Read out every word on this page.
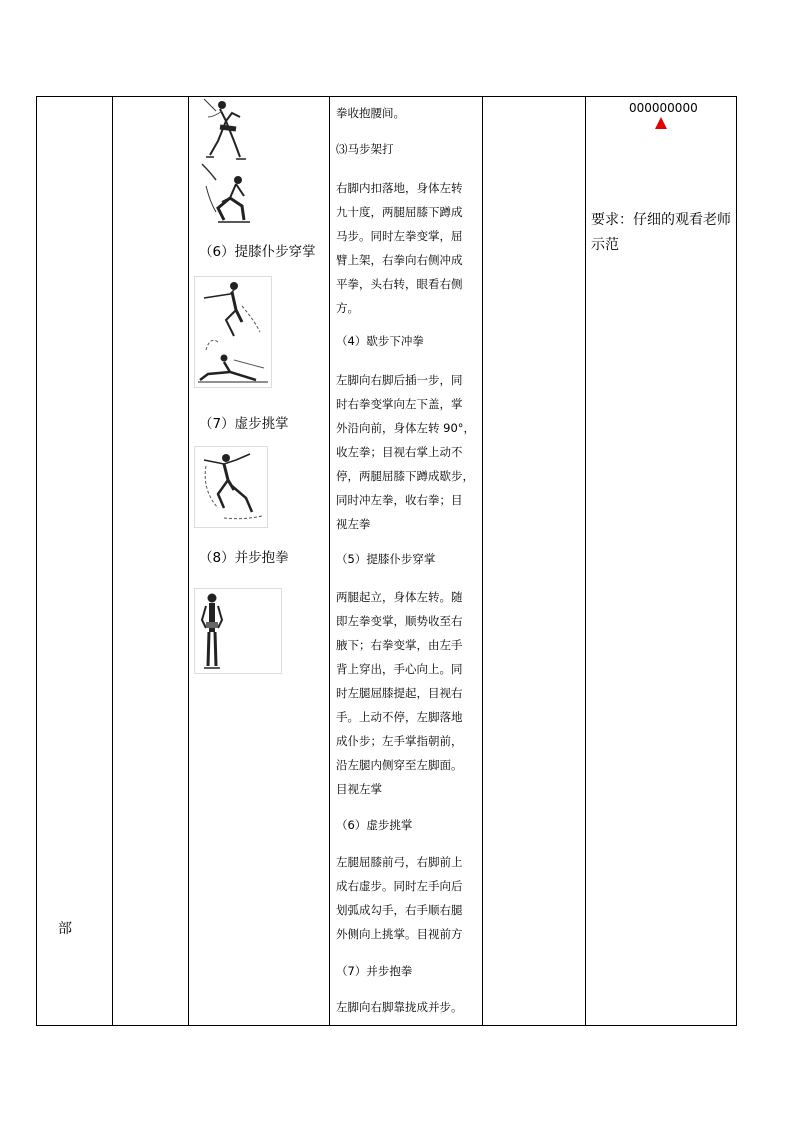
部
（6）提膝仆步穿掌
（7）虚步挑掌
（8）并步抱拳
拳收抱腰间。
⑶马步架打
右脚内扣落地，身体左转
九十度，两腿屈膝下蹲成
马步。同时左拳变掌，屈
臂上架，右拳向右侧冲成
平拳，头右转，眼看右侧
方。
（4）歇步下冲拳
左脚向右脚后插一步，同
时右拳变掌向左下盖，掌
外沿向前，身体左转 90°，
收左拳；目视右掌上动不
停，两腿屈膝下蹲成歇步，
同时冲左拳，收右拳；目
视左拳
（5）提膝仆步穿掌
两腿起立，身体左转。随
即左拳变掌，顺势收至右
腋下；右拳变掌，由左手
背上穿出，手心向上。同
时左腿屈膝提起，目视右
手。上动不停，左脚落地
成仆步；左手掌指朝前，
沿左腿内侧穿至左脚面。
目视左掌
（6）虚步挑掌
左腿屈膝前弓，右脚前上
成右虚步。同时左手向后
划弧成勾手，右手顺右腿
外侧向上挑掌。目视前方
（7）并步抱拳
左脚向右脚靠拢成并步。
000000000
要求：仔细的观看老师
示范
